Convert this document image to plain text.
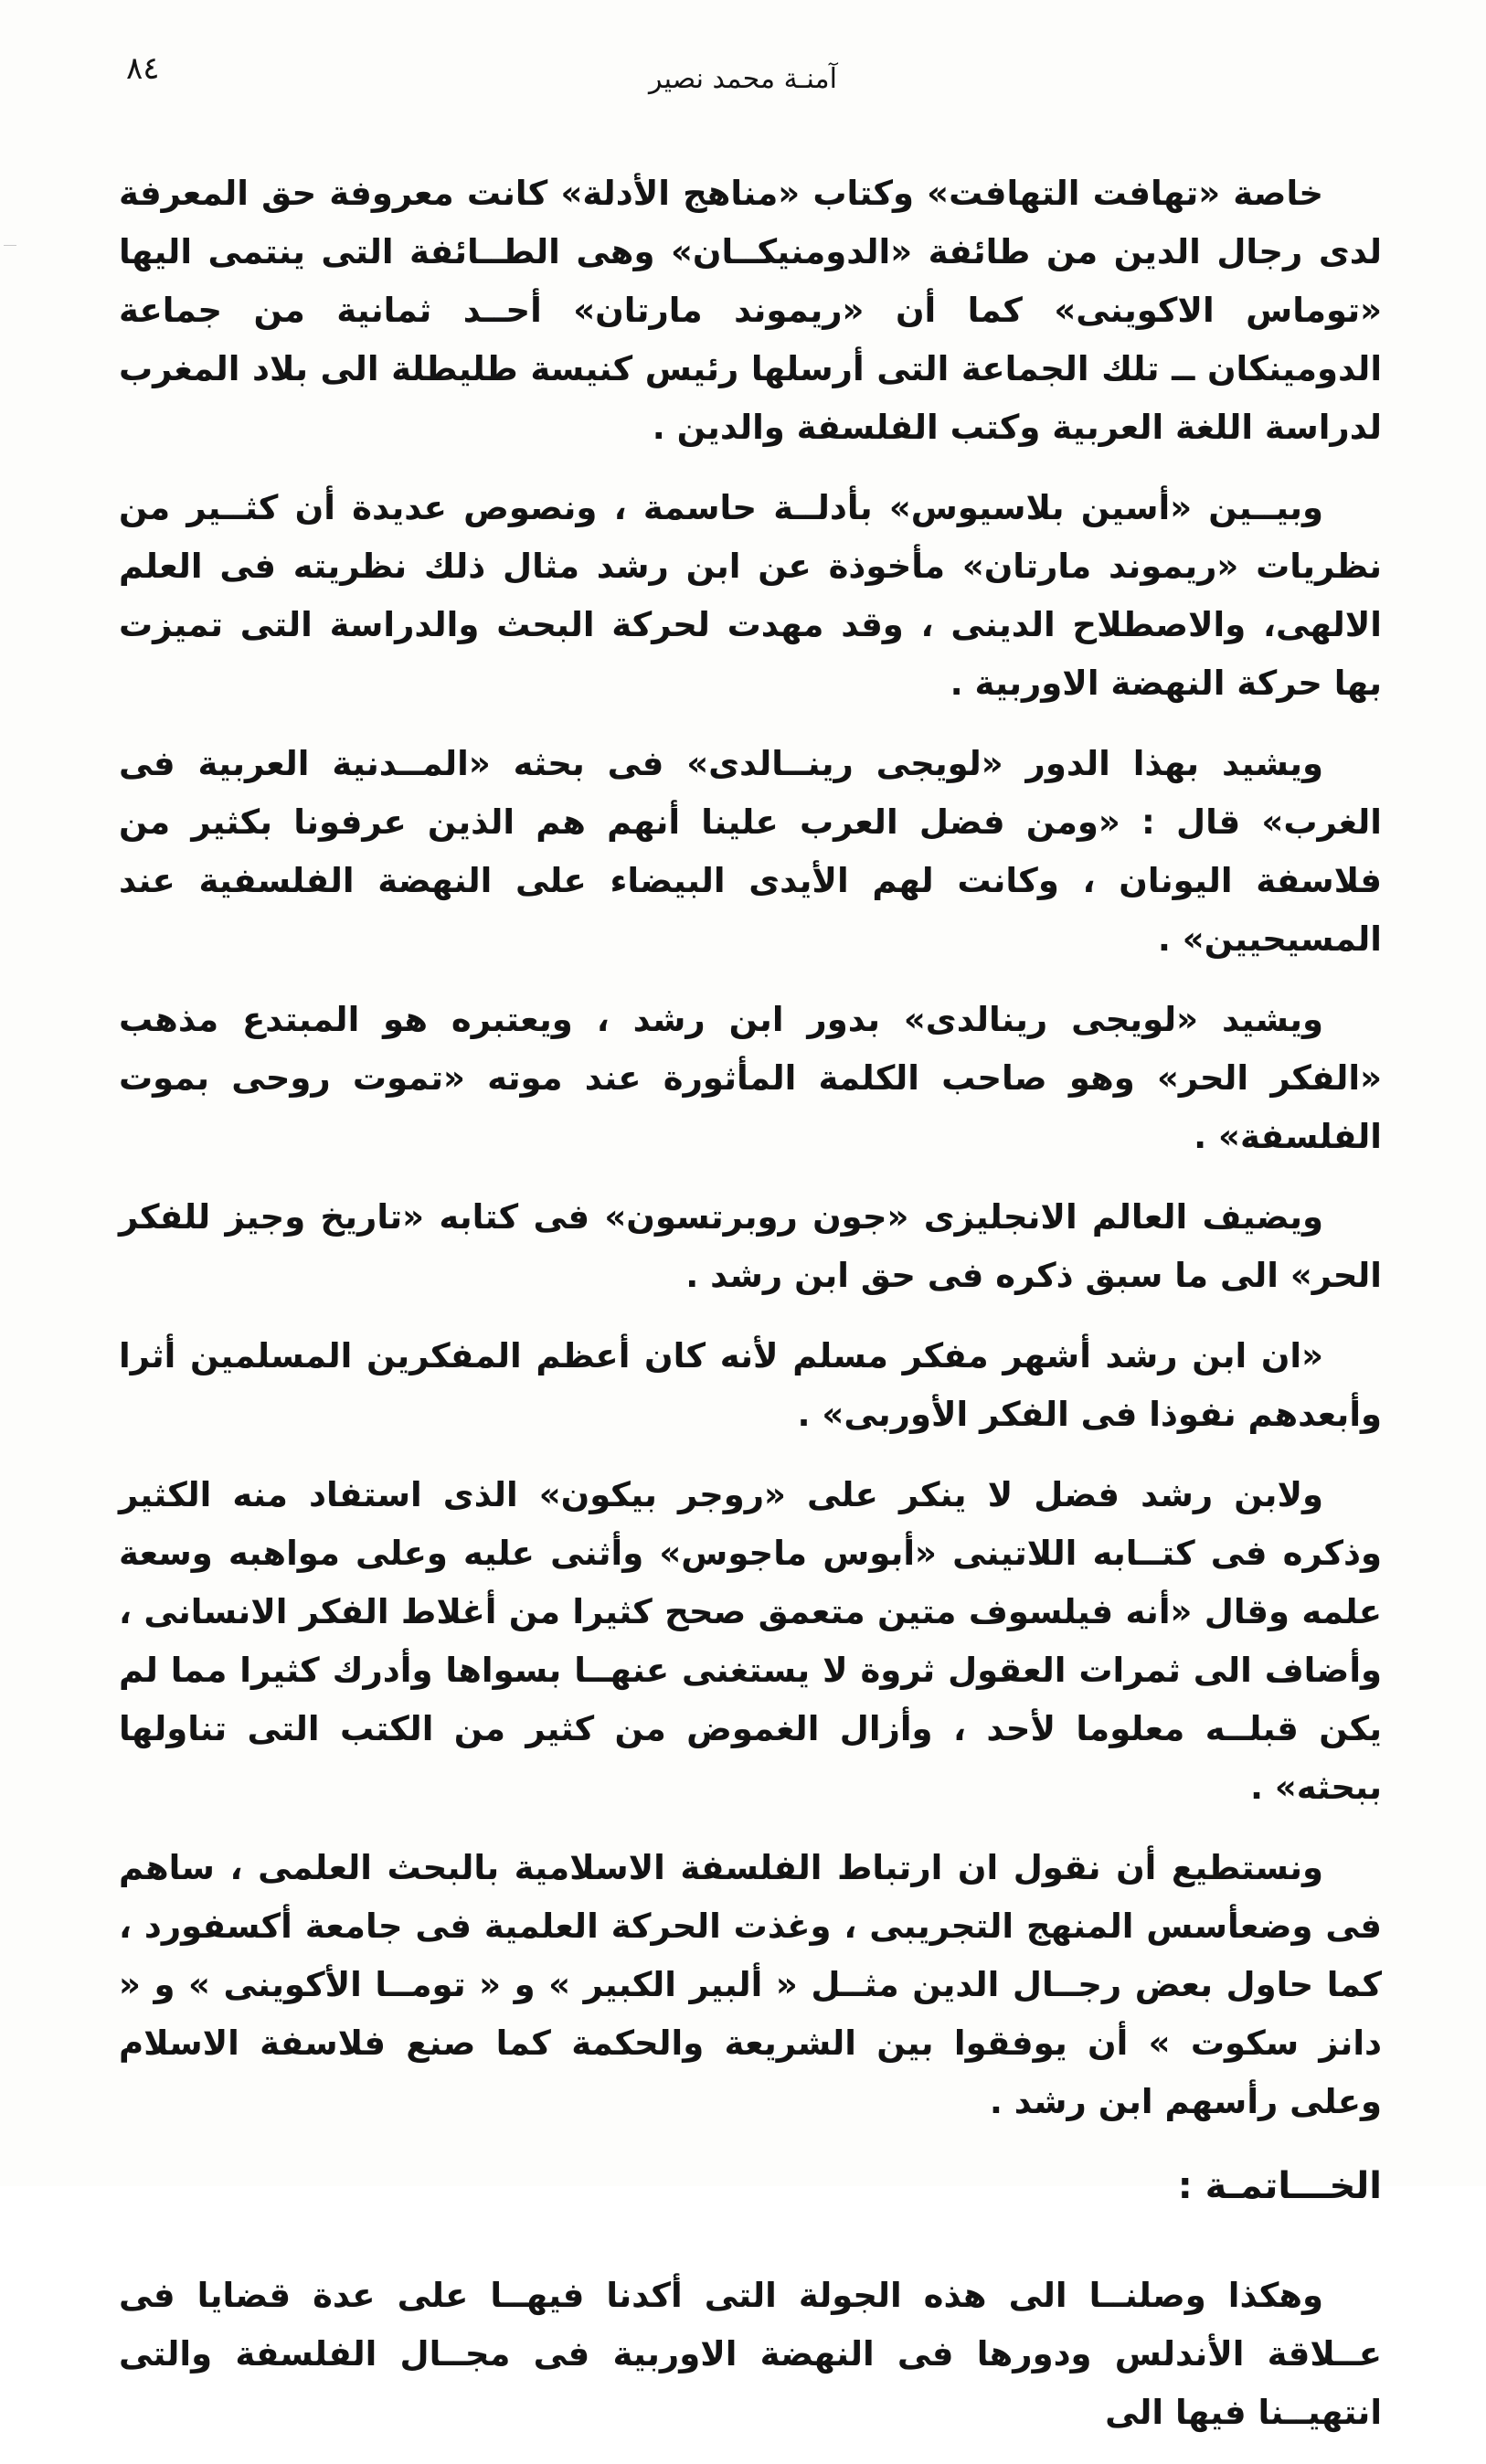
٨٤	آمنـة محمد نصير

خاصة «تهافت التهافت» وكتاب «مناهج الأدلة» كانت معروفة حق المعرفة لدى رجال الدين من طائفة «الدومنيكــان» وهى الطــائفة التى ينتمى اليها «توماس الاكوينى» كما أن «ريموند مارتان» أحــد ثمانية من جماعة الدومينكان ــ تلك الجماعة التى أرسلها رئيس كنيسة طليطلة الى بلاد المغرب لدراسة اللغة العربية وكتب الفلسفة والدين .

وبيــين «أسين بلاسيوس» بأدلــة حاسمة ، ونصوص عديدة أن كثــير من نظريات «ريموند مارتان» مأخوذة عن ابن رشد مثال ذلك نظريته فى العلم الالهى، والاصطلاح الدينى ، وقد مهدت لحركة البحث والدراسة التى تميزت بها حركة النهضة الاوربية .

ويشيد بهذا الدور «لويجى رينــالدى» فى بحثه «المــدنية العربية فى الغرب» قال : «ومن فضل العرب علينا أنهم هم الذين عرفونا بكثير من فلاسفة اليونان ، وكانت لهم الأيدى البيضاء على النهضة الفلسفية عند المسيحيين» .

ويشيد «لويجى رينالدى» بدور ابن رشد ، ويعتبره هو المبتدع مذهب «الفكر الحر» وهو صاحب الكلمة المأثورة عند موته «تموت روحى بموت الفلسفة» .

ويضيف العالم الانجليزى «جون روبرتسون» فى كتابه «تاريخ وجيز للفكر الحر» الى ما سبق ذكره فى حق ابن رشد .

«ان ابن رشد أشهر مفكر مسلم لأنه كان أعظم المفكرين المسلمين أثرا وأبعدهم نفوذا فى الفكر الأوربى» .

ولابن رشد فضل لا ينكر على «روجر بيكون» الذى استفاد منه الكثير وذكره فى كتــابه اللاتينى «أبوس ماجوس» وأثنى عليه وعلى مواهبه وسعة علمه وقال «أنه فيلسوف متين متعمق صحح كثيرا من أغلاط الفكر الانسانى ، وأضاف الى ثمرات العقول ثروة لا يستغنى عنهــا بسواها وأدرك كثيرا مما لم يكن قبلــه معلوما لأحد ، وأزال الغموض من كثير من الكتب التى تناولها ببحثه» .

ونستطيع أن نقول ان ارتباط الفلسفة الاسلامية بالبحث العلمى ، ساهم فى وضعأسس المنهج التجريبى ، وغذت الحركة العلمية فى جامعة أكسفورد ، كما حاول بعض رجــال الدين مثــل « ألبير الكبير » و « تومــا الأكوينى » و « دانز سكوت » أن يوفقوا بين الشريعة والحكمة كما صنع فلاسفة الاسلام وعلى رأسهم ابن رشد .

الخـــاتمـة :

وهكذا وصلنــا الى هذه الجولة التى أكدنا فيهــا على عدة قضايا فى عــلاقة الأندلس ودورها فى النهضة الاوربية فى مجــال الفلسفة والتى انتهيــنا فيها الى
